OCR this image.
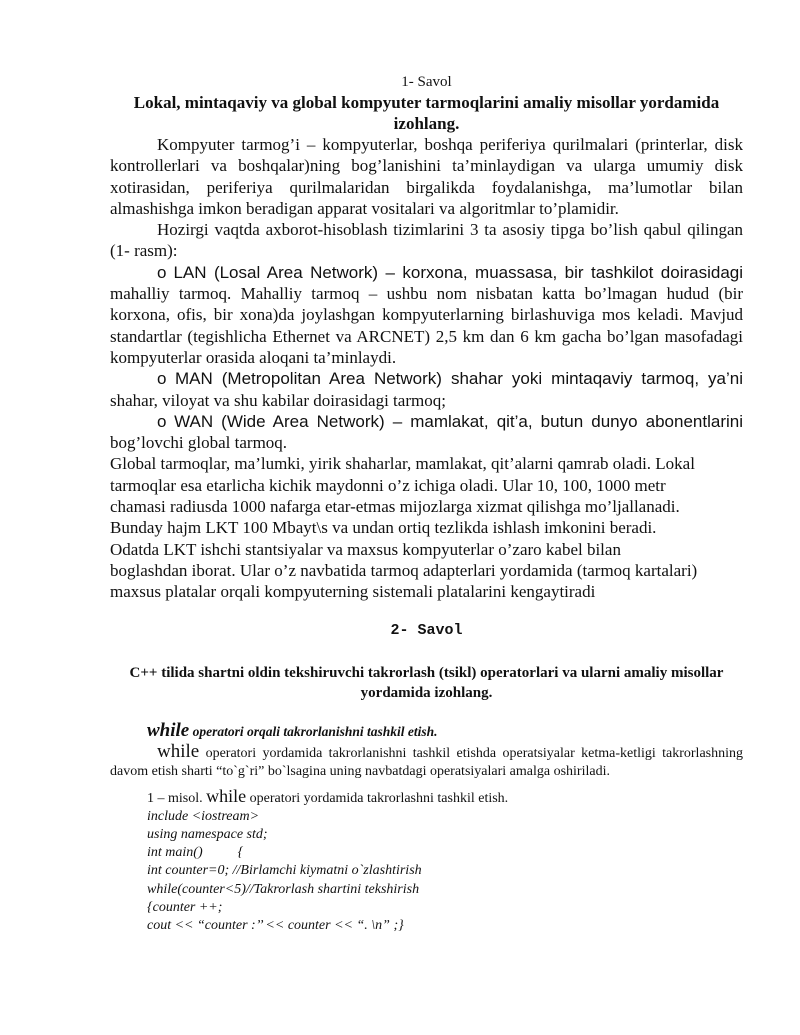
1- Savol
Lokal, mintaqaviy va global kompyuter tarmoqlarini amaliy misollar yordamida izohlang.
Kompyuter tarmog’i – kompyuterlar, boshqa periferiya qurilmalari (printerlar, disk kontrollerlari va boshqalar)ning bog’lanishini ta’minlaydigan va ularga umumiy disk xotirasidan, periferiya qurilmalaridan birgalikda foydalanishga, ma’lumotlar bilan almashishga imkon beradigan apparat vositalari va algoritmlar to’plamidir.
Hozirgi vaqtda axborot-hisoblash tizimlarini 3 ta asosiy tipga bo’lish qabul qilingan (1- rasm):
o LAN (Losal Area Network) – korxona, muassasa, bir tashkilot doirasidagi mahalliy tarmoq. Mahalliy tarmoq – ushbu nom nisbatan katta bo’lmagan hudud (bir korxona, ofis, bir xona)da joylashgan kompyuterlarning birlashuviga mos keladi. Mavjud standartlar (tegishlicha Ethernet va ARCNET) 2,5 km dan 6 km gacha bo’lgan masofadagi kompyuterlar orasida aloqani ta’minlaydi.
o MAN (Metropolitan Area Network) shahar yoki mintaqaviy tarmoq, ya’ni shahar, viloyat va shu kabilar doirasidagi tarmoq;
o WAN (Wide Area Network) – mamlakat, qit’a, butun dunyo abonentlarini bog’lovchi global tarmoq.
Global tarmoqlar, ma’lumki, yirik shaharlar, mamlakat, qit’alarni qamrab oladi. Lokal
tarmoqlar esa etarlicha kichik maydonni o’z ichiga oladi. Ular 10, 100, 1000 metr
chamasi radiusda 1000 nafarga etar-etmas mijozlarga xizmat qilishga mo’ljallanadi.
Bunday hajm LKT 100 Mbayt\s va undan ortiq tezlikda ishlash imkonini beradi.
Odatda LKT ishchi stantsiyalar va maxsus kompyuterlar o’zaro kabel bilan
boglashdan iborat. Ular o’z navbatida tarmoq adapterlari yordamida (tarmoq kartalari)
maxsus platalar orqali kompyuterning sistemali platalarini kengaytiradi
2- Savol
C++ tilida shartni oldin tekshiruvchi takrorlash (tsikl) operatorlari va ularni amaliy misollar yordamida izohlang.
while operatori orqali takrorlanishni tashkil etish.
while operatori yordamida takrorlanishni tashkil etishda operatsiyalar ketma-ketligi takrorlashning davom etish sharti “to`g`ri” bo`lsagina uning navbatdagi operatsiyalari amalga oshiriladi.
1 – misol. while operatori yordamida takrorlashni tashkil etish.
include <iostream>
using namespace std;
int main()          {
int counter=0; //Birlamchi kiymatni o`zlashtirish
while(counter<5)//Takrorlash shartini tekshirish
{counter ++;
cout << “counter :’’ << counter << “. \n” ;}
